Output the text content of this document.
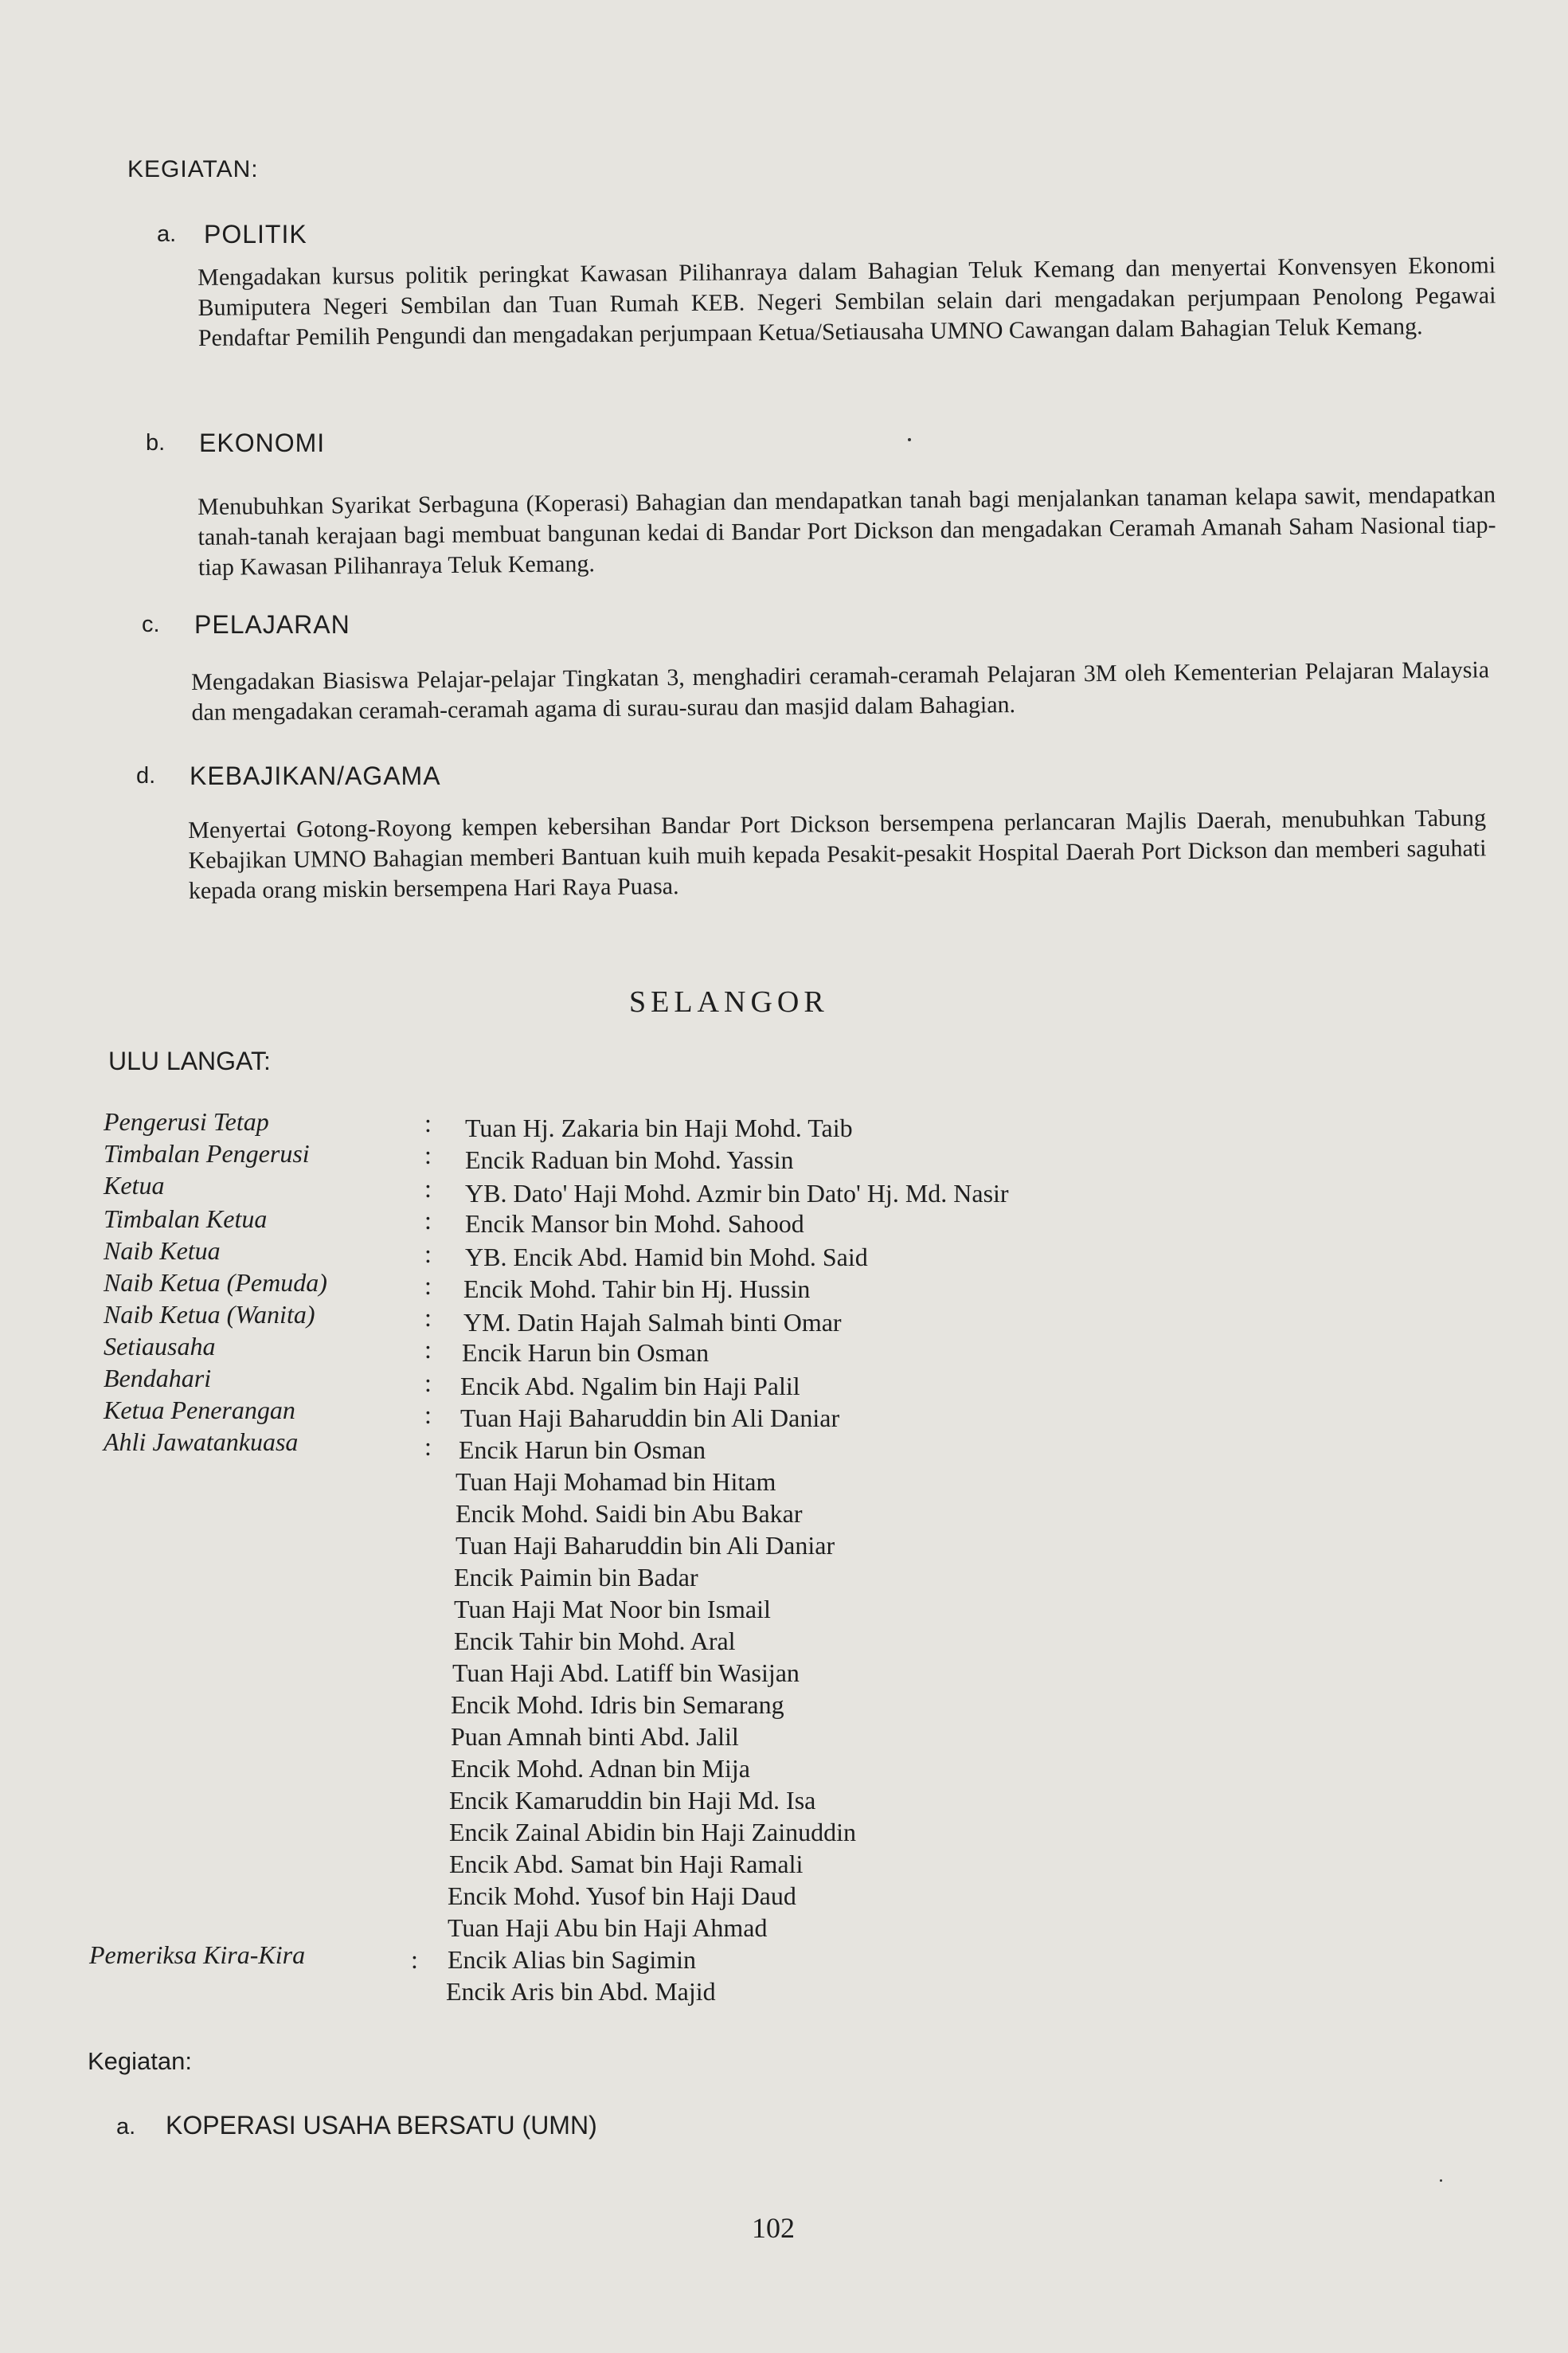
KEGIATAN:
a. POLITIK
Mengadakan kursus politik peringkat Kawasan Pilihanraya dalam Bahagian Teluk Kemang dan menyertai Konvensyen Ekonomi Bumiputera Negeri Sembilan dan Tuan Rumah KEB. Negeri Sembilan selain dari mengadakan perjumpaan Penolong Pegawai Pendaftar Pemilih Pengundi dan mengadakan perjumpaan Ketua/Setiausaha UMNO Cawangan dalam Bahagian Teluk Kemang.
b. EKONOMI
Menubuhkan Syarikat Serbaguna (Koperasi) Bahagian dan mendapatkan tanah bagi menjalankan tanaman kelapa sawit, mendapatkan tanah-tanah kerajaan bagi membuat bangunan kedai di Bandar Port Dickson dan mengadakan Ceramah Amanah Saham Nasional tiap-tiap Kawasan Pilihanraya Teluk Kemang.
c. PELAJARAN
Mengadakan Biasiswa Pelajar-pelajar Tingkatan 3, menghadiri ceramah-ceramah Pelajaran 3M oleh Kementerian Pelajaran Malaysia dan mengadakan ceramah-ceramah agama di surau-surau dan masjid dalam Bahagian.
d. KEBAJIKAN/AGAMA
Menyertai Gotong-Royong kempen kebersihan Bandar Port Dickson bersempena perlancaran Majlis Daerah, menubuhkan Tabung Kebajikan UMNO Bahagian memberi Bantuan kuih muih kepada Pesakit-pesakit Hospital Daerah Port Dickson dan memberi saguhati kepada orang miskin bersempena Hari Raya Puasa.
SELANGOR
ULU LANGAT:
Pengerusi Tetap	: Tuan Hj. Zakaria bin Haji Mohd. Taib
Timbalan Pengerusi	: Encik Raduan bin Mohd. Yassin
Ketua	: YB. Dato' Haji Mohd. Azmir bin Dato' Hj. Md. Nasir
Timbalan Ketua	: Encik Mansor bin Mohd. Sahood
Naib Ketua	: YB. Encik Abd. Hamid bin Mohd. Said
Naib Ketua (Pemuda)	: Encik Mohd. Tahir bin Hj. Hussin
Naib Ketua (Wanita)	: YM. Datin Hajah Salmah binti Omar
Setiausaha	: Encik Harun bin Osman
Bendahari	: Encik Abd. Ngalim bin Haji Palil
Ketua Penerangan	: Tuan Haji Baharuddin bin Ali Daniar
Ahli Jawatankuasa	: Encik Harun bin Osman
Tuan Haji Mohamad bin Hitam
Encik Mohd. Saidi bin Abu Bakar
Tuan Haji Baharuddin bin Ali Daniar
Encik Paimin bin Badar
Tuan Haji Mat Noor bin Ismail
Encik Tahir bin Mohd. Aral
Tuan Haji Abd. Latiff bin Wasijan
Encik Mohd. Idris bin Semarang
Puan Amnah binti Abd. Jalil
Encik Mohd. Adnan bin Mija
Encik Kamaruddin bin Haji Md. Isa
Encik Zainal Abidin bin Haji Zainuddin
Encik Abd. Samat bin Haji Ramali
Encik Mohd. Yusof bin Haji Daud
Tuan Haji Abu bin Haji Ahmad
Pemeriksa Kira-Kira	: Encik Alias bin Sagimin
Encik Aris bin Abd. Majid
Kegiatan:
a. KOPERASI USAHA BERSATU (UMN)
102
